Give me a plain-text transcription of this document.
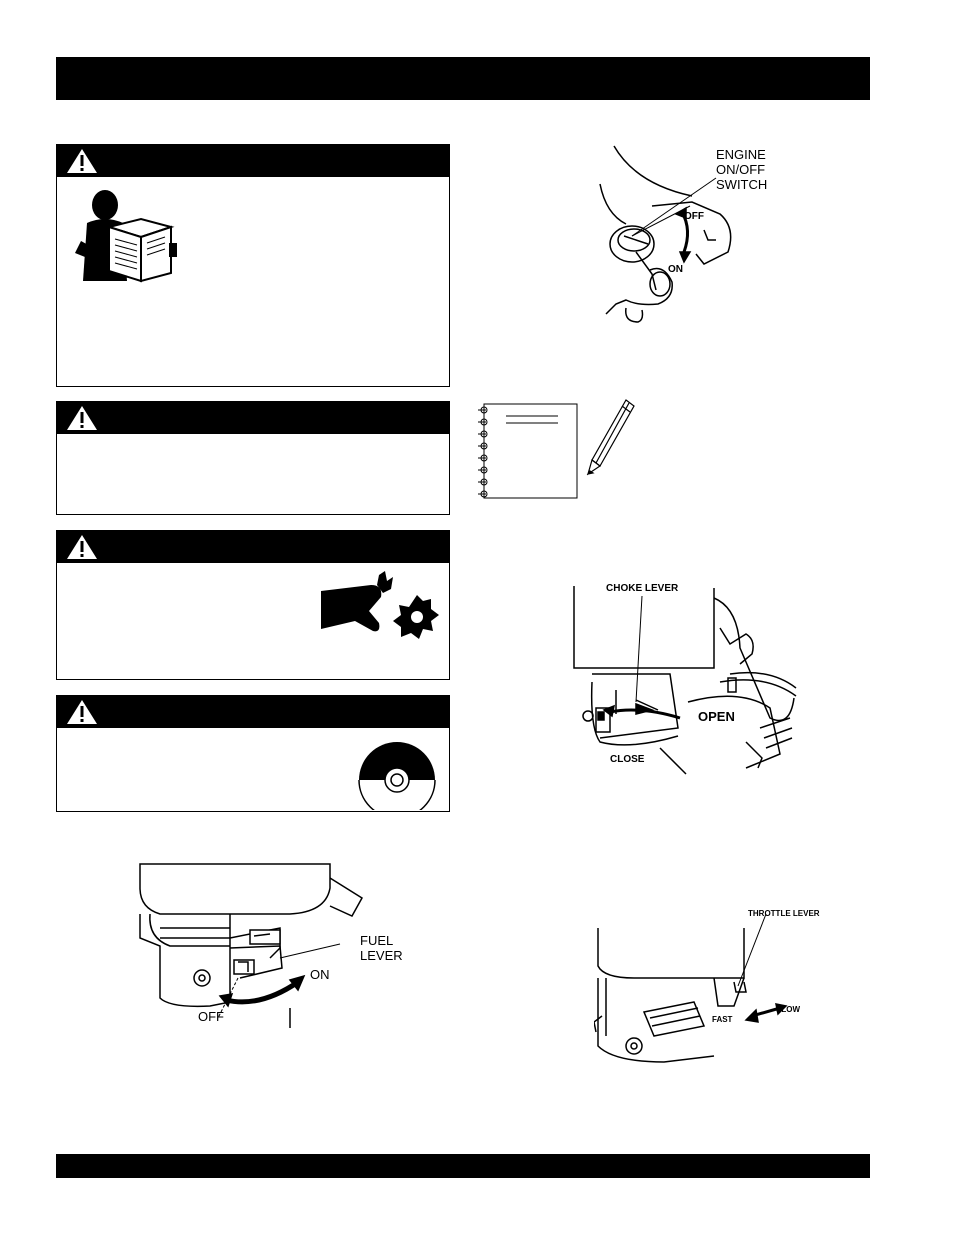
ENGINE
ON/OFF
SWITCH
OFF
ON
CHOKE LEVER
OPEN
CLOSE
FUEL
LEVER
ON
OFF
THROTTLE LEVER
FAST
SLOW
